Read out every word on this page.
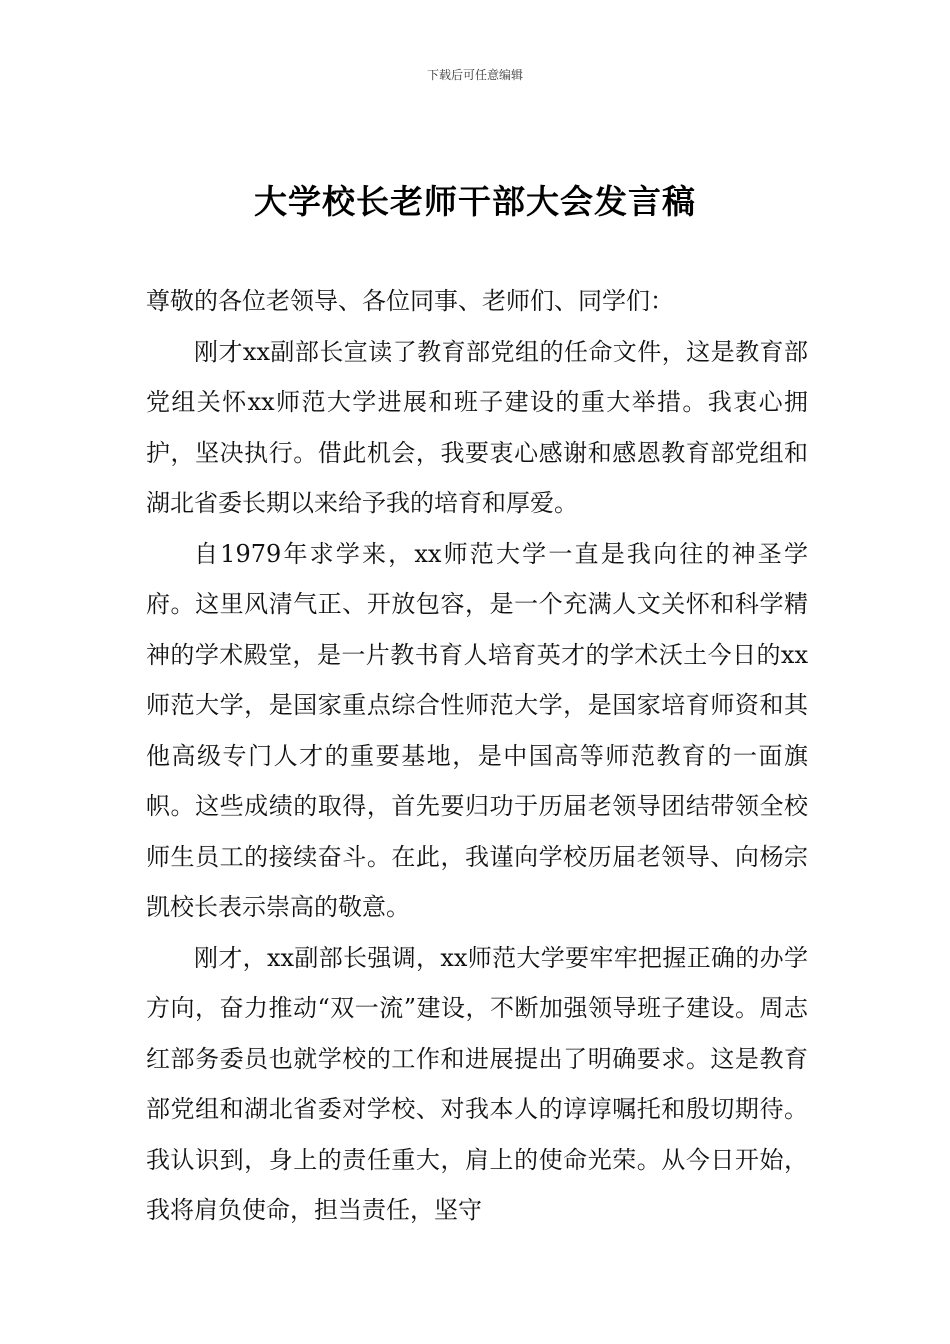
下载后可任意编辑
大学校长老师干部大会发言稿

尊敬的各位老领导、各位同事、老师们、同学们：

刚才xx副部长宣读了教育部党组的任命文件，这是教育部党组关怀xx师范大学进展和班子建设的重大举措。我衷心拥护，坚决执行。借此机会，我要衷心感谢和感恩教育部党组和湖北省委长期以来给予我的培育和厚爱。

自1979年求学来，xx师范大学一直是我向往的神圣学府。这里风清气正、开放包容，是一个充满人文关怀和科学精神的学术殿堂，是一片教书育人培育英才的学术沃土今日的xx师范大学，是国家重点综合性师范大学，是国家培育师资和其他高级专门人才的重要基地，是中国高等师范教育的一面旗帜。这些成绩的取得，首先要归功于历届老领导团结带领全校师生员工的接续奋斗。在此，我谨向学校历届老领导、向杨宗凯校长表示崇高的敬意。

刚才，xx副部长强调，xx师范大学要牢牢把握正确的办学方向，奋力推动“双一流”建设，不断加强领导班子建设。周志红部务委员也就学校的工作和进展提出了明确要求。这是教育部党组和湖北省委对学校、对我本人的谆谆嘱托和殷切期待。我认识到，身上的责任重大，肩上的使命光荣。从今日开始，我将肩负使命，担当责任，坚守
